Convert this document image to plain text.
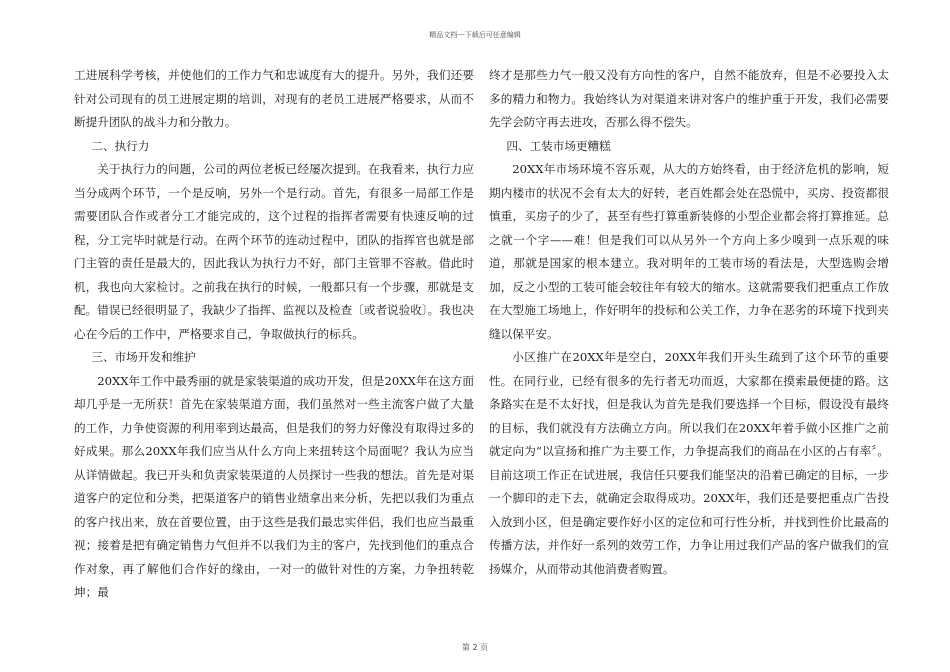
精品文档---下载后可任意编辑

工进展科学考核，并使他们的工作力气和忠诚度有大的提升。另外，我们还要针对公司现有的员工进展定期的培训，对现有的老员工进展严格要求，从而不断提升团队的战斗力和分散力。

二、执行力

关于执行力的问题，公司的两位老板已经屡次提到。在我看来，执行力应当分成两个环节，一个是反响，另外一个是行动。首先，有很多一局部工作是需要团队合作或者分工才能完成的，这个过程的指挥者需要有快速反响的过程，分工完毕时就是行动。在两个环节的连动过程中，团队的指挥官也就是部门主管的责任是最大的，因此我认为执行力不好，部门主管罪不容赦。借此时机，我也向大家检讨。之前我在执行的时候，一般都只有一个步骤，那就是支配。错误已经很明显了，我缺少了指挥、监视以及检查〔或者说验收〕。我也决心在今后的工作中，严格要求自己，争取做执行的标兵。

三、市场开发和维护

20XX年工作中最秀丽的就是家装渠道的成功开发，但是20XX年在这方面却几乎是一无所获！首先在家装渠道方面，我们虽然对一些主流客户做了大量的工作，力争使资源的利用率到达最高，但是我们的努力好像没有取得过多的好成果。那么20XX年我们应当从什么方向上来扭转这个局面呢？我认为应当从详情做起。我已开头和负责家装渠道的人员探讨一些我的想法。首先是对渠道客户的定位和分类，把渠道客户的销售业绩拿出来分析，先把以我们为重点的客户找出来，放在首要位置，由于这些是我们最忠实伴侣，我们也应当最重视；接着是把有确定销售力气但并不以我们为主的客户，先找到他们的重点合作对象，再了解他们合作好的缘由，一对一的做针对性的方案，力争扭转乾坤；最

终才是那些力气一般又没有方向性的客户，自然不能放弃，但是不必要投入太多的精力和物力。我始终认为对渠道来讲对客户的维护重于开发，我们必需要先学会防守再去进攻，否那么得不偿失。

四、工装市场更糟糕

20XX年市场环境不容乐观，从大的方始终看，由于经济危机的影响，短期内楼市的状况不会有太大的好转，老百姓都会处在恐慌中，买房、投资都很慎重，买房子的少了，甚至有些打算重新装修的小型企业都会将打算推延。总之就一个字——难！但是我们可以从另外一个方向上多少嗅到一点乐观的味道，那就是国家的根本建立。我对明年的工装市场的看法是，大型选购会增加，反之小型的工装可能会较往年有较大的缩水。这就需要我们把重点工作放在大型施工场地上，作好明年的投标和公关工作，力争在恶劣的环境下找到夹缝以保平安。

小区推广在20XX年是空白，20XX年我们开头生疏到了这个环节的重要性。在同行业，已经有很多的先行者无功而返，大家都在摸索最便捷的路。这条路实在是不太好找，但是我认为首先是我们要选择一个目标，假设没有最终的目标，我们就没有方法确立方向。所以我们在20XX年着手做小区推广之前就定向为“以宣扬和推广为主要工作，力争提高我们的商品在小区的占有率〞。目前这项工作正在试进展，我信任只要我们能坚决的沿着已确定的目标，一步一个脚印的走下去，就确定会取得成功。20XX年，我们还是要把重点广告投入放到小区，但是确定要作好小区的定位和可行性分析，并找到性价比最高的传播方法，并作好一系列的效劳工作，力争让用过我们产品的客户做我们的宣扬媒介，从而带动其他消费者购置。

第 2 页
